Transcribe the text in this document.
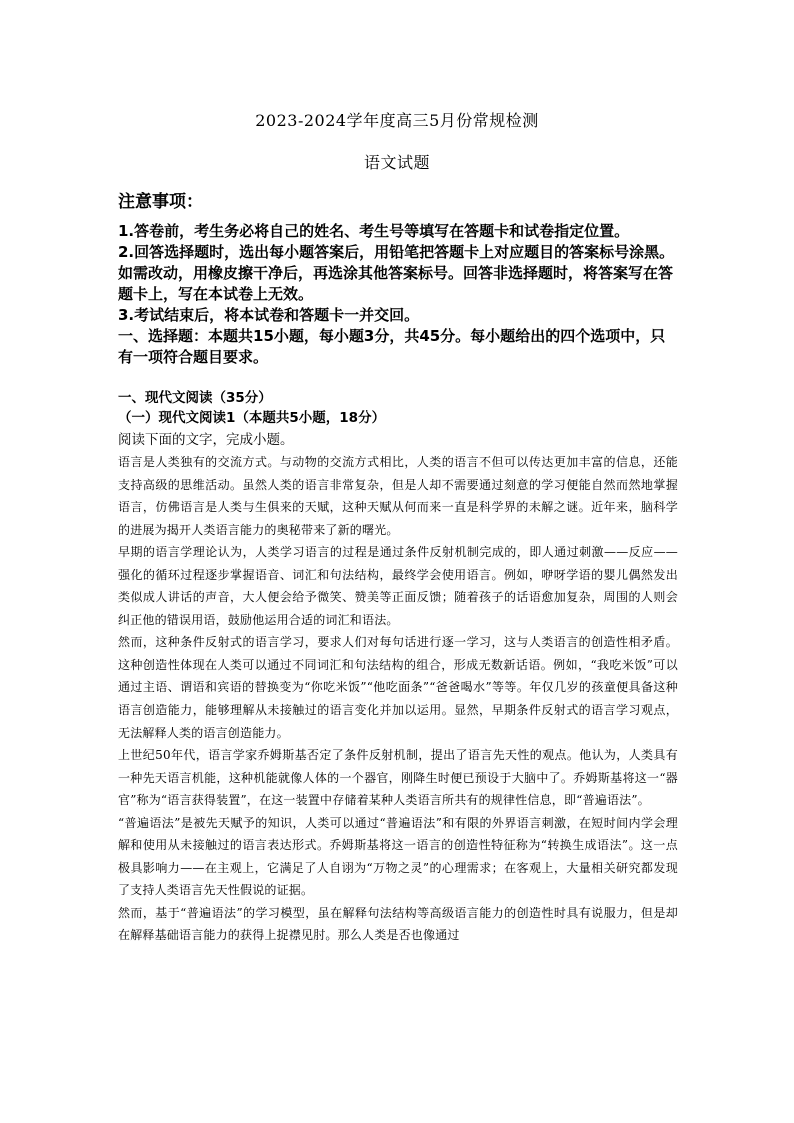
2023-2024学年度高三5月份常规检测
语文试题
注意事项：

1.答卷前，考生务必将自己的姓名、考生号等填写在答题卡和试卷指定位置。

2.回答选择题时，选出每小题答案后，用铅笔把答题卡上对应题目的答案标号涂黑。如需改动，用橡皮擦干净后，再选涂其他答案标号。回答非选择题时，将答案写在答题卡上，写在本试卷上无效。

3.考试结束后，将本试卷和答题卡一并交回。

一、选择题：本题共15小题，每小题3分，共45分。每小题给出的四个选项中，只有一项符合题目要求。

一、现代文阅读（35分）

（一）现代文阅读1（本题共5小题，18分）

阅读下面的文字，完成小题。

语言是人类独有的交流方式。与动物的交流方式相比，人类的语言不但可以传达更加丰富的信息，还能支持高级的思维活动。虽然人类的语言非常复杂，但是人却不需要通过刻意的学习便能自然而然地掌握语言，仿佛语言是人类与生俱来的天赋，这种天赋从何而来一直是科学界的未解之谜。近年来，脑科学的进展为揭开人类语言能力的奥秘带来了新的曙光。

早期的语言学理论认为，人类学习语言的过程是通过条件反射机制完成的，即人通过刺激——反应——强化的循环过程逐步掌握语音、词汇和句法结构，最终学会使用语言。例如，咿呀学语的婴儿偶然发出类似成人讲话的声音，大人便会给予微笑、赞美等正面反馈；随着孩子的话语愈加复杂，周围的人则会纠正他的错误用语，鼓励他运用合适的词汇和语法。

然而，这种条件反射式的语言学习，要求人们对每句话进行逐一学习，这与人类语言的创造性相矛盾。这种创造性体现在人类可以通过不同词汇和句法结构的组合，形成无数新话语。例如，“我吃米饭”可以通过主语、谓语和宾语的替换变为“你吃米饭”“他吃面条”“爸爸喝水”等等。年仅几岁的孩童便具备这种语言创造能力，能够理解从未接触过的语言变化并加以运用。显然，早期条件反射式的语言学习观点，无法解释人类的语言创造能力。

上世纪50年代，语言学家乔姆斯基否定了条件反射机制，提出了语言先天性的观点。他认为，人类具有一种先天语言机能，这种机能就像人体的一个器官，刚降生时便已预设于大脑中了。乔姆斯基将这一“器官”称为“语言获得装置”，在这一装置中存储着某种人类语言所共有的规律性信息，即“普遍语法”。

“普遍语法”是被先天赋予的知识，人类可以通过“普遍语法”和有限的外界语言刺激，在短时间内学会理解和使用从未接触过的语言表达形式。乔姆斯基将这一语言的创造性特征称为“转换生成语法”。这一点极具影响力——在主观上，它满足了人自诩为“万物之灵”的心理需求；在客观上，大量相关研究都发现了支持人类语言先天性假说的证据。

然而，基于“普遍语法”的学习模型，虽在解释句法结构等高级语言能力的创造性时具有说服力，但是却在解释基础语言能力的获得上捉襟见肘。那么人类是否也像通过
